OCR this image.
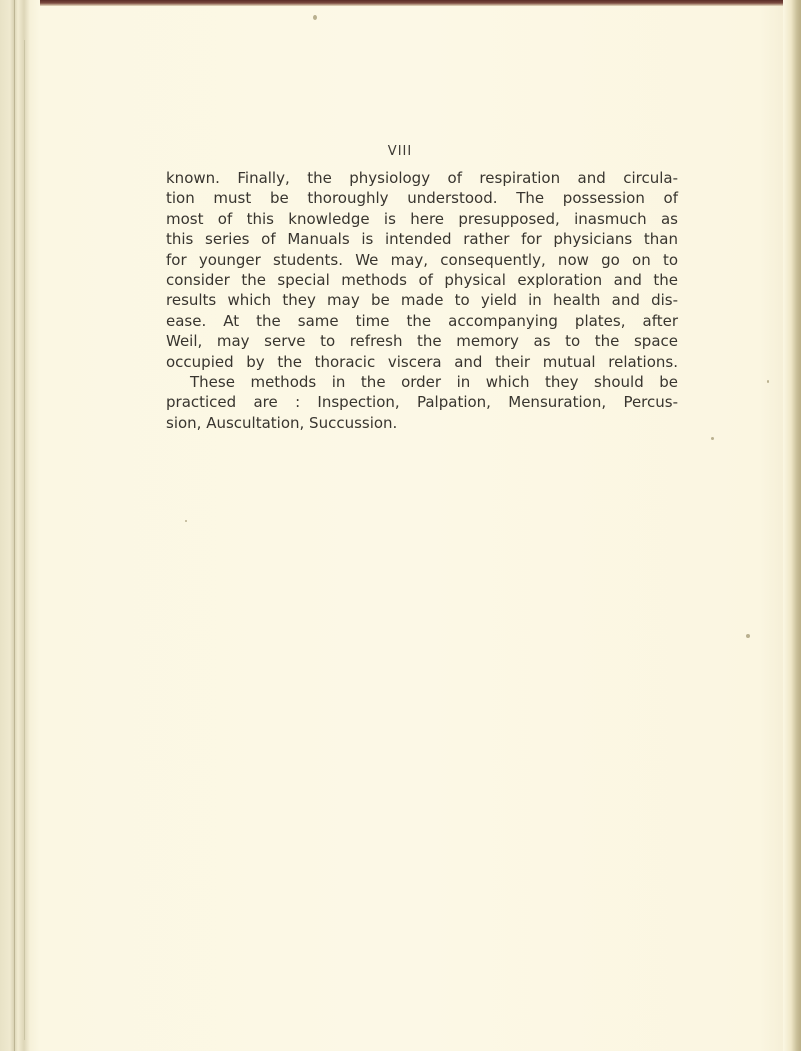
VIII
known. Finally, the physiology of respiration and circula-
tion must be thoroughly understood. The possession of
most of this knowledge is here presupposed, inasmuch as
this series of Manuals is intended rather for physicians than
for younger students. We may, consequently, now go on to
consider the special methods of physical exploration and the
results which they may be made to yield in health and dis-
ease. At the same time the accompanying plates, after
Weil, may serve to refresh the memory as to the space
occupied by the thoracic viscera and their mutual relations.
These methods in the order in which they should be
practiced are : Inspection, Palpation, Mensuration, Percus-
sion, Auscultation, Succussion.
